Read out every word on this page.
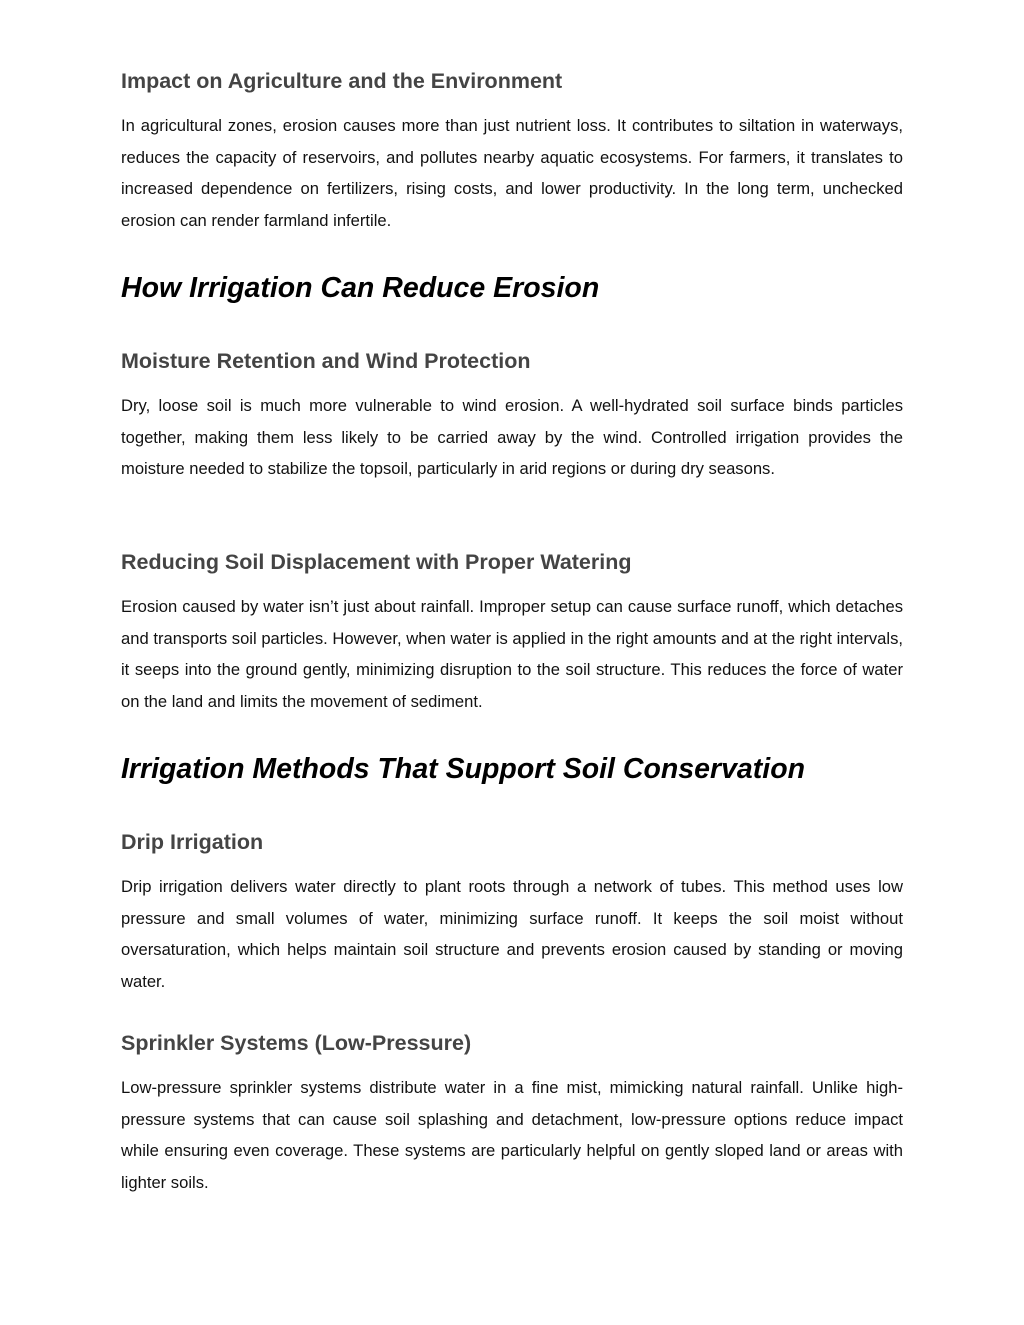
Impact on Agriculture and the Environment

In agricultural zones, erosion causes more than just nutrient loss. It contributes to siltation in waterways, reduces the capacity of reservoirs, and pollutes nearby aquatic ecosystems. For farmers, it translates to increased dependence on fertilizers, rising costs, and lower productivity. In the long term, unchecked erosion can render farmland infertile.

How Irrigation Can Reduce Erosion
Moisture Retention and Wind Protection

Dry, loose soil is much more vulnerable to wind erosion. A well-hydrated soil surface binds particles together, making them less likely to be carried away by the wind. Controlled irrigation provides the moisture needed to stabilize the topsoil, particularly in arid regions or during dry seasons.

Reducing Soil Displacement with Proper Watering

Erosion caused by water isn’t just about rainfall. Improper setup can cause surface runoff, which detaches and transports soil particles. However, when water is applied in the right amounts and at the right intervals, it seeps into the ground gently, minimizing disruption to the soil structure. This reduces the force of water on the land and limits the movement of sediment.

Irrigation Methods That Support Soil Conservation
Drip Irrigation

Drip irrigation delivers water directly to plant roots through a network of tubes. This method uses low pressure and small volumes of water, minimizing surface runoff. It keeps the soil moist without oversaturation, which helps maintain soil structure and prevents erosion caused by standing or moving water.

Sprinkler Systems (Low-Pressure)

Low-pressure sprinkler systems distribute water in a fine mist, mimicking natural rainfall. Unlike high-pressure systems that can cause soil splashing and detachment, low-pressure options reduce impact while ensuring even coverage. These systems are particularly helpful on gently sloped land or areas with lighter soils.
